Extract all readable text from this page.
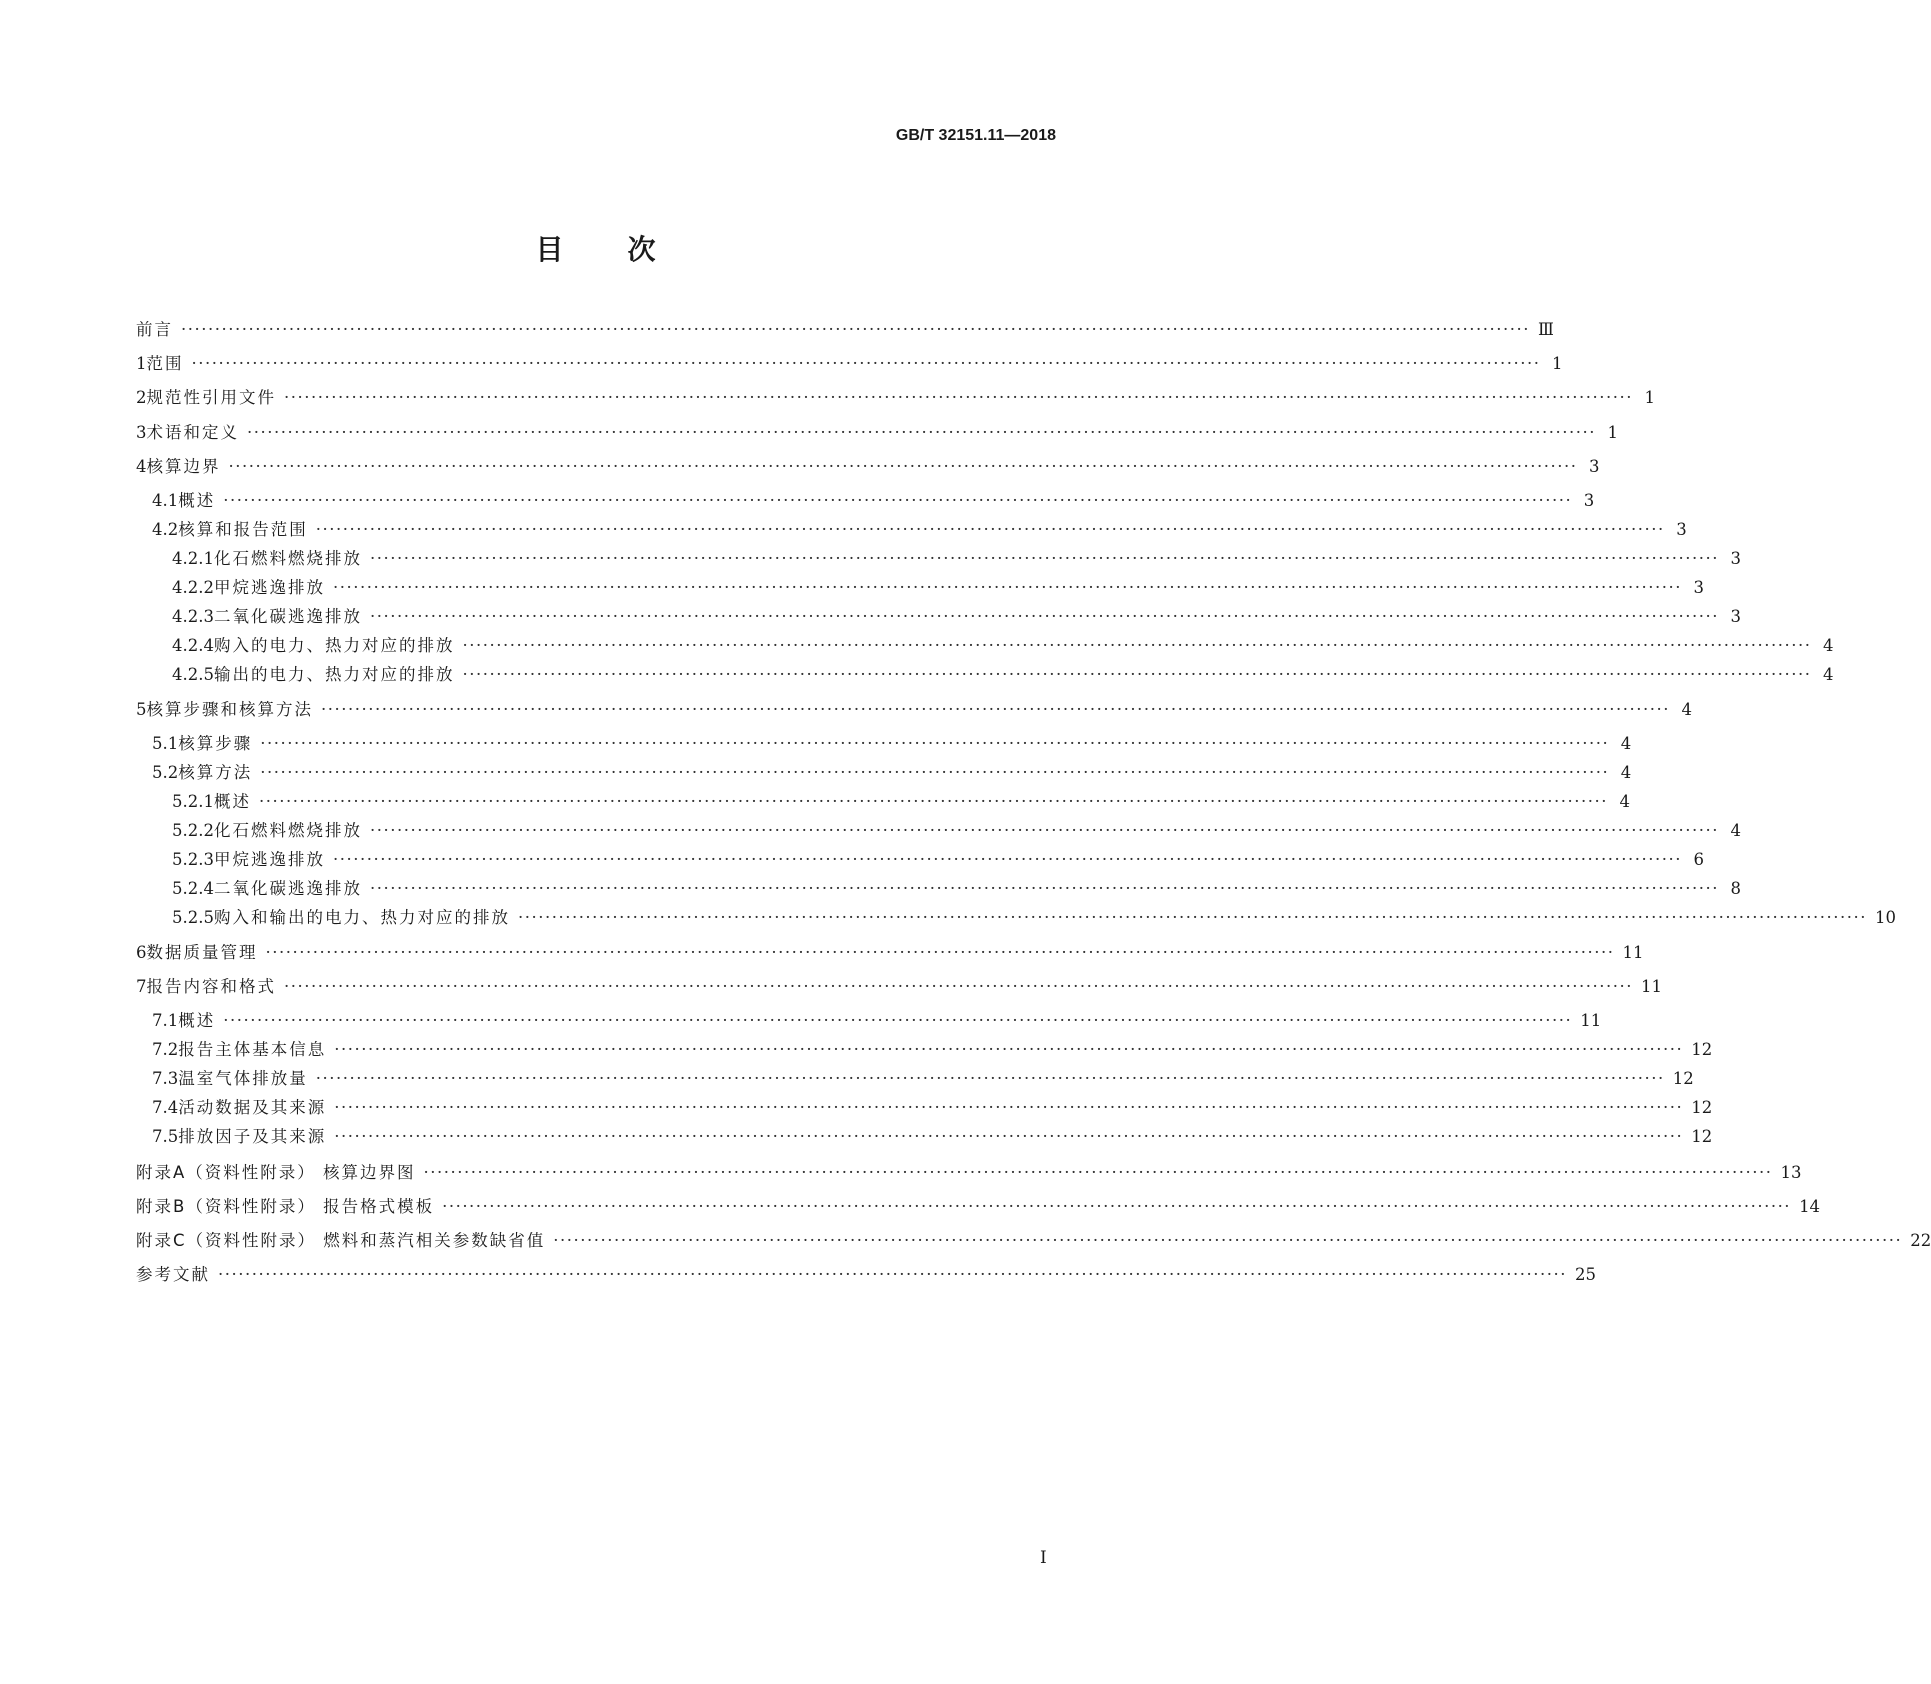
GB/T 32151.11—2018
目次
前言 ········································································································································································································ Ⅲ
1 范围 ········································································································································································································ 1
2 规范性引用文件 ········································································································································································································ 1
3 术语和定义 ········································································································································································································ 1
4 核算边界 ········································································································································································································ 3
4.1 概述 ········································································································································································································ 3
4.2 核算和报告范围 ········································································································································································································ 3
4.2.1 化石燃料燃烧排放 ········································································································································································································ 3
4.2.2 甲烷逃逸排放 ········································································································································································································ 3
4.2.3 二氧化碳逃逸排放 ········································································································································································································ 3
4.2.4 购入的电力、热力对应的排放 ········································································································································································································ 4
4.2.5 输出的电力、热力对应的排放 ········································································································································································································ 4
5 核算步骤和核算方法 ········································································································································································································ 4
5.1 核算步骤 ········································································································································································································ 4
5.2 核算方法 ········································································································································································································ 4
5.2.1 概述 ········································································································································································································ 4
5.2.2 化石燃料燃烧排放 ········································································································································································································ 4
5.2.3 甲烷逃逸排放 ········································································································································································································ 6
5.2.4 二氧化碳逃逸排放 ········································································································································································································ 8
5.2.5 购入和输出的电力、热力对应的排放 ········································································································································································································ 10
6 数据质量管理 ········································································································································································································ 11
7 报告内容和格式 ········································································································································································································ 11
7.1 概述 ········································································································································································································ 11
7.2 报告主体基本信息 ········································································································································································································ 12
7.3 温室气体排放量 ········································································································································································································ 12
7.4 活动数据及其来源 ········································································································································································································ 12
7.5 排放因子及其来源 ········································································································································································································ 12
附录A（资料性附录） 核算边界图 ········································································································································································································ 13
附录B（资料性附录） 报告格式模板 ········································································································································································································ 14
附录C（资料性附录） 燃料和蒸汽相关参数缺省值 ········································································································································································································ 22
参考文献 ········································································································································································································ 25
I
